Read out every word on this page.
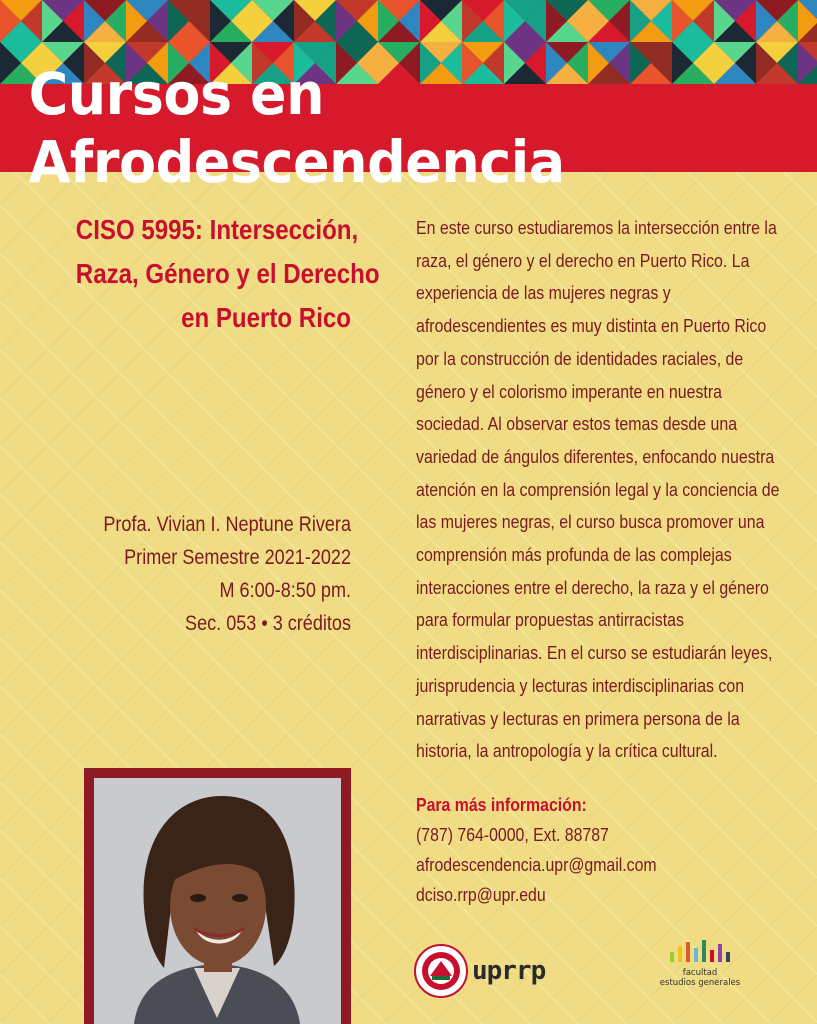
Cursos en Afrodescendencia
CISO 5995: Intersección,
Raza, Género y el Derecho
en Puerto Rico
Profa. Vivian I. Neptune Rivera
Primer Semestre 2021-2022
M 6:00-8:50 pm.
Sec. 053 • 3 créditos
En este curso estudiaremos la intersección entre la
raza, el género y el derecho en Puerto Rico. La
experiencia de las mujeres negras y
afrodescendientes es muy distinta en Puerto Rico
por la construcción de identidades raciales, de
género y el colorismo imperante en nuestra
sociedad. Al observar estos temas desde una
variedad de ángulos diferentes, enfocando nuestra
atención en la comprensión legal y la conciencia de
las mujeres negras, el curso busca promover una
comprensión más profunda de las complejas
interacciones entre el derecho, la raza y el género
para formular propuestas antirracistas
interdisciplinarias. En el curso se estudiarán leyes,
jurisprudencia y lecturas interdisciplinarias con
narrativas y lecturas en primera persona de la
historia, la antropología y la crítica cultural.
Para más información:
(787) 764-0000, Ext. 88787
afrodescendencia.upr@gmail.com
dciso.rrp@upr.edu
uprrp	facultad
estudios generales
